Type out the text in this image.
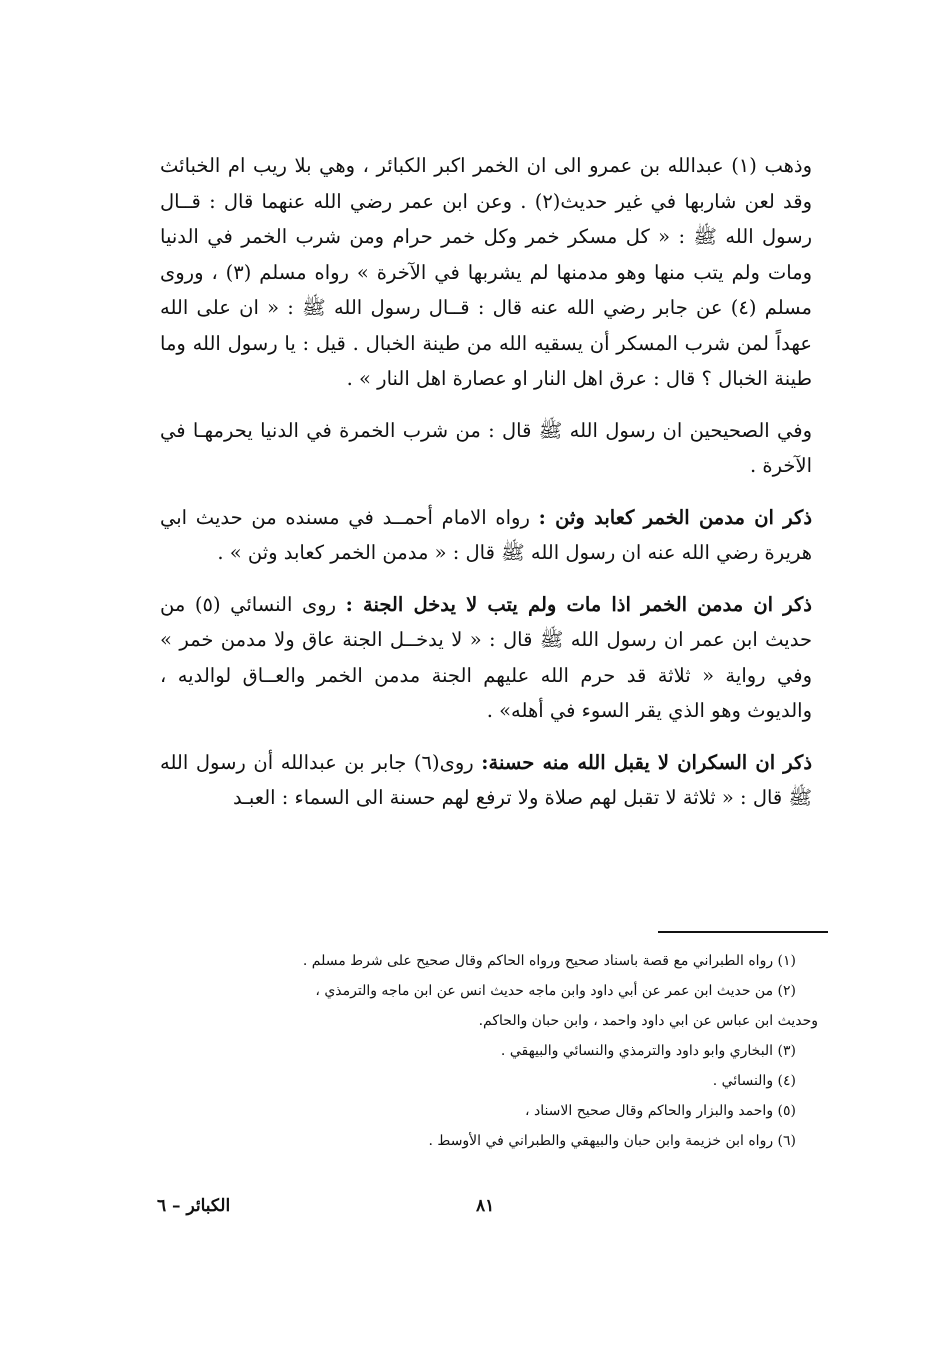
وذهب (١) عبدالله بن عمرو الى ان الخمر اكبر الكبائر ، وهي بلا ريب ام الخبائث وقد لعن شاربها في غير حديث(٢) . وعن ابن عمر رضي الله عنهما قال : قــال رسول الله ﷺ : « كل مسكر خمر وكل خمر حرام ومن شرب الخمر في الدنيا ومات ولم يتب منها وهو مدمنها لم يشربها في الآخرة » رواه مسلم (٣) ، وروى مسلم (٤) عن جابر رضي الله عنه قال : قــال رسول الله ﷺ : « ان على الله عهداً لمن شرب المسكر أن يسقيه الله من طينة الخبال . قيل : يا رسول الله وما طينة الخبال ؟ قال : عرق اهل النار او عصارة اهل النار » .

وفي الصحيحين ان رسول الله ﷺ قال : من شرب الخمرة في الدنيا يحرمهـا في الآخرة .

ذكر ان مدمن الخمر كعابد وثن : رواه الامام أحمــد في مسنده من حديث ابي هريرة رضي الله عنه ان رسول الله ﷺ قال : « مدمن الخمر كعابد وثن » .

ذكر ان مدمن الخمر اذا مات ولم يتب لا يدخل الجنة : روى النسائي (٥) من حديث ابن عمر ان رسول الله ﷺ قال : « لا يدخــل الجنة عاق ولا مدمن خمر » وفي رواية « ثلاثة قد حرم الله عليهم الجنة مدمن الخمر والعــاق لوالديه ، والديوث وهو الذي يقر السوء في أهله» .

ذكر ان السكران لا يقبل الله منه حسنة: روى(٦) جابر بن عبدالله أن رسول الله ﷺ قال : « ثلاثة لا تقبل لهم صلاة ولا ترفع لهم حسنة الى السماء : العبـد

(١) رواه الطبراني مع قصة باسناد صحيح ورواه الحاكم وقال صحيح على شرط مسلم .

(٢) من حديث ابن عمر عن أبي داود وابن ماجه حديث انس عن ابن ماجه والترمذي ،

وحديث ابن عباس عن ابي داود واحمد ، وابن حبان والحاكم.

(٣) البخاري وابو داود والترمذي والنسائي والبيهقي .

(٤) والنسائي .

(٥) واحمد والبزار والحاكم وقال صحيح الاسناد ،

(٦) رواه ابن خزيمة وابن حبان والبيهقي والطبراني في الأوسط .

الكبائر – ٦	٨١
